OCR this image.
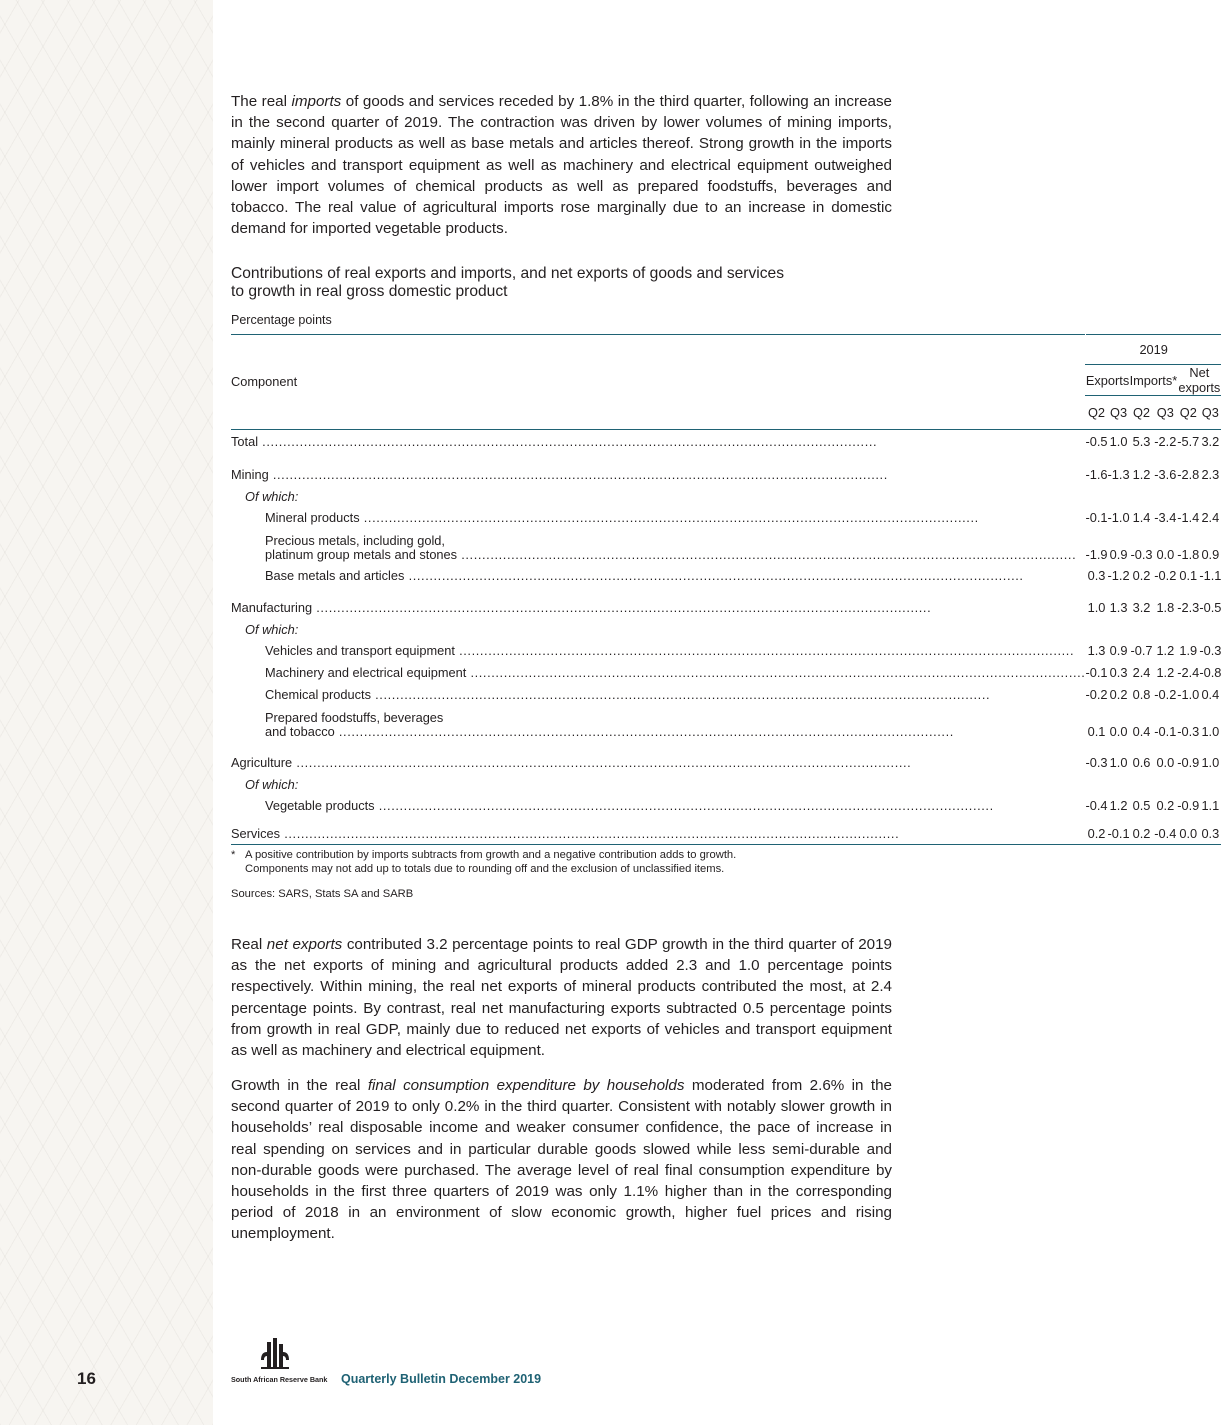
The real imports of goods and services receded by 1.8% in the third quarter, following an increase in the second quarter of 2019. The contraction was driven by lower volumes of mining imports, mainly mineral products as well as base metals and articles thereof. Strong growth in the imports of vehicles and transport equipment as well as machinery and electrical equipment outweighed lower import volumes of chemical products as well as prepared foodstuffs, beverages and tobacco. The real value of agricultural imports rose marginally due to an increase in domestic demand for imported vegetable products.

Contributions of real exports and imports, and net exports of goods and services
to growth in real gross domestic product
Percentage points
Component	2019					
	Exports		Imports*		Net exports	
	Q2	Q3	Q2	Q3	Q2	Q3
Total .....	-0.5	1.0	5.3	-2.2	-5.7	3.2

Mining .....	-1.6	-1.3	1.2	-3.6	-2.8	2.3
Of which:						
Mineral products .....	-0.1	-1.0	1.4	-3.4	-1.4	2.4
Precious metals, including gold,
platinum group metals and stones .....	-1.9	0.9	-0.3	0.0	-1.8	0.9
Base metals and articles .....	0.3	-1.2	0.2	-0.2	0.1	-1.1

Manufacturing .....	1.0	1.3	3.2	1.8	-2.3	-0.5
Of which:						
Vehicles and transport equipment .....	1.3	0.9	-0.7	1.2	1.9	-0.3
Machinery and electrical equipment .....	-0.1	0.3	2.4	1.2	-2.4	-0.8
Chemical products .....	-0.2	0.2	0.8	-0.2	-1.0	0.4
Prepared foodstuffs, beverages
and tobacco .....	0.1	0.0	0.4	-0.1	-0.3	1.0

Agriculture .....	-0.3	1.0	0.6	0.0	-0.9	1.0
Of which:						
Vegetable products .....	-0.4	1.2	0.5	0.2	-0.9	1.1

Services .....	0.2	-0.1	0.2	-0.4	0.0	0.3
* A positive contribution by imports subtracts from growth and a negative contribution adds to growth.
Components may not add up to totals due to rounding off and the exclusion of unclassified items.
Sources: SARS, Stats SA and SARB

Real net exports contributed 3.2 percentage points to real GDP growth in the third quarter of 2019 as the net exports of mining and agricultural products added 2.3 and 1.0 percentage points respectively. Within mining, the real net exports of mineral products contributed the most, at 2.4 percentage points. By contrast, real net manufacturing exports subtracted 0.5 percentage points from growth in real GDP, mainly due to reduced net exports of vehicles and transport equipment as well as machinery and electrical equipment.

Growth in the real final consumption expenditure by households moderated from 2.6% in the second quarter of 2019 to only 0.2% in the third quarter. Consistent with notably slower growth in households’ real disposable income and weaker consumer confidence, the pace of increase in real spending on services and in particular durable goods slowed while less semi-durable and non-durable goods were purchased. The average level of real final consumption expenditure by households in the first three quarters of 2019 was only 1.1% higher than in the corresponding period of 2018 in an environment of slow economic growth, higher fuel prices and rising unemployment.

16	South African Reserve Bank Quarterly Bulletin December 2019
